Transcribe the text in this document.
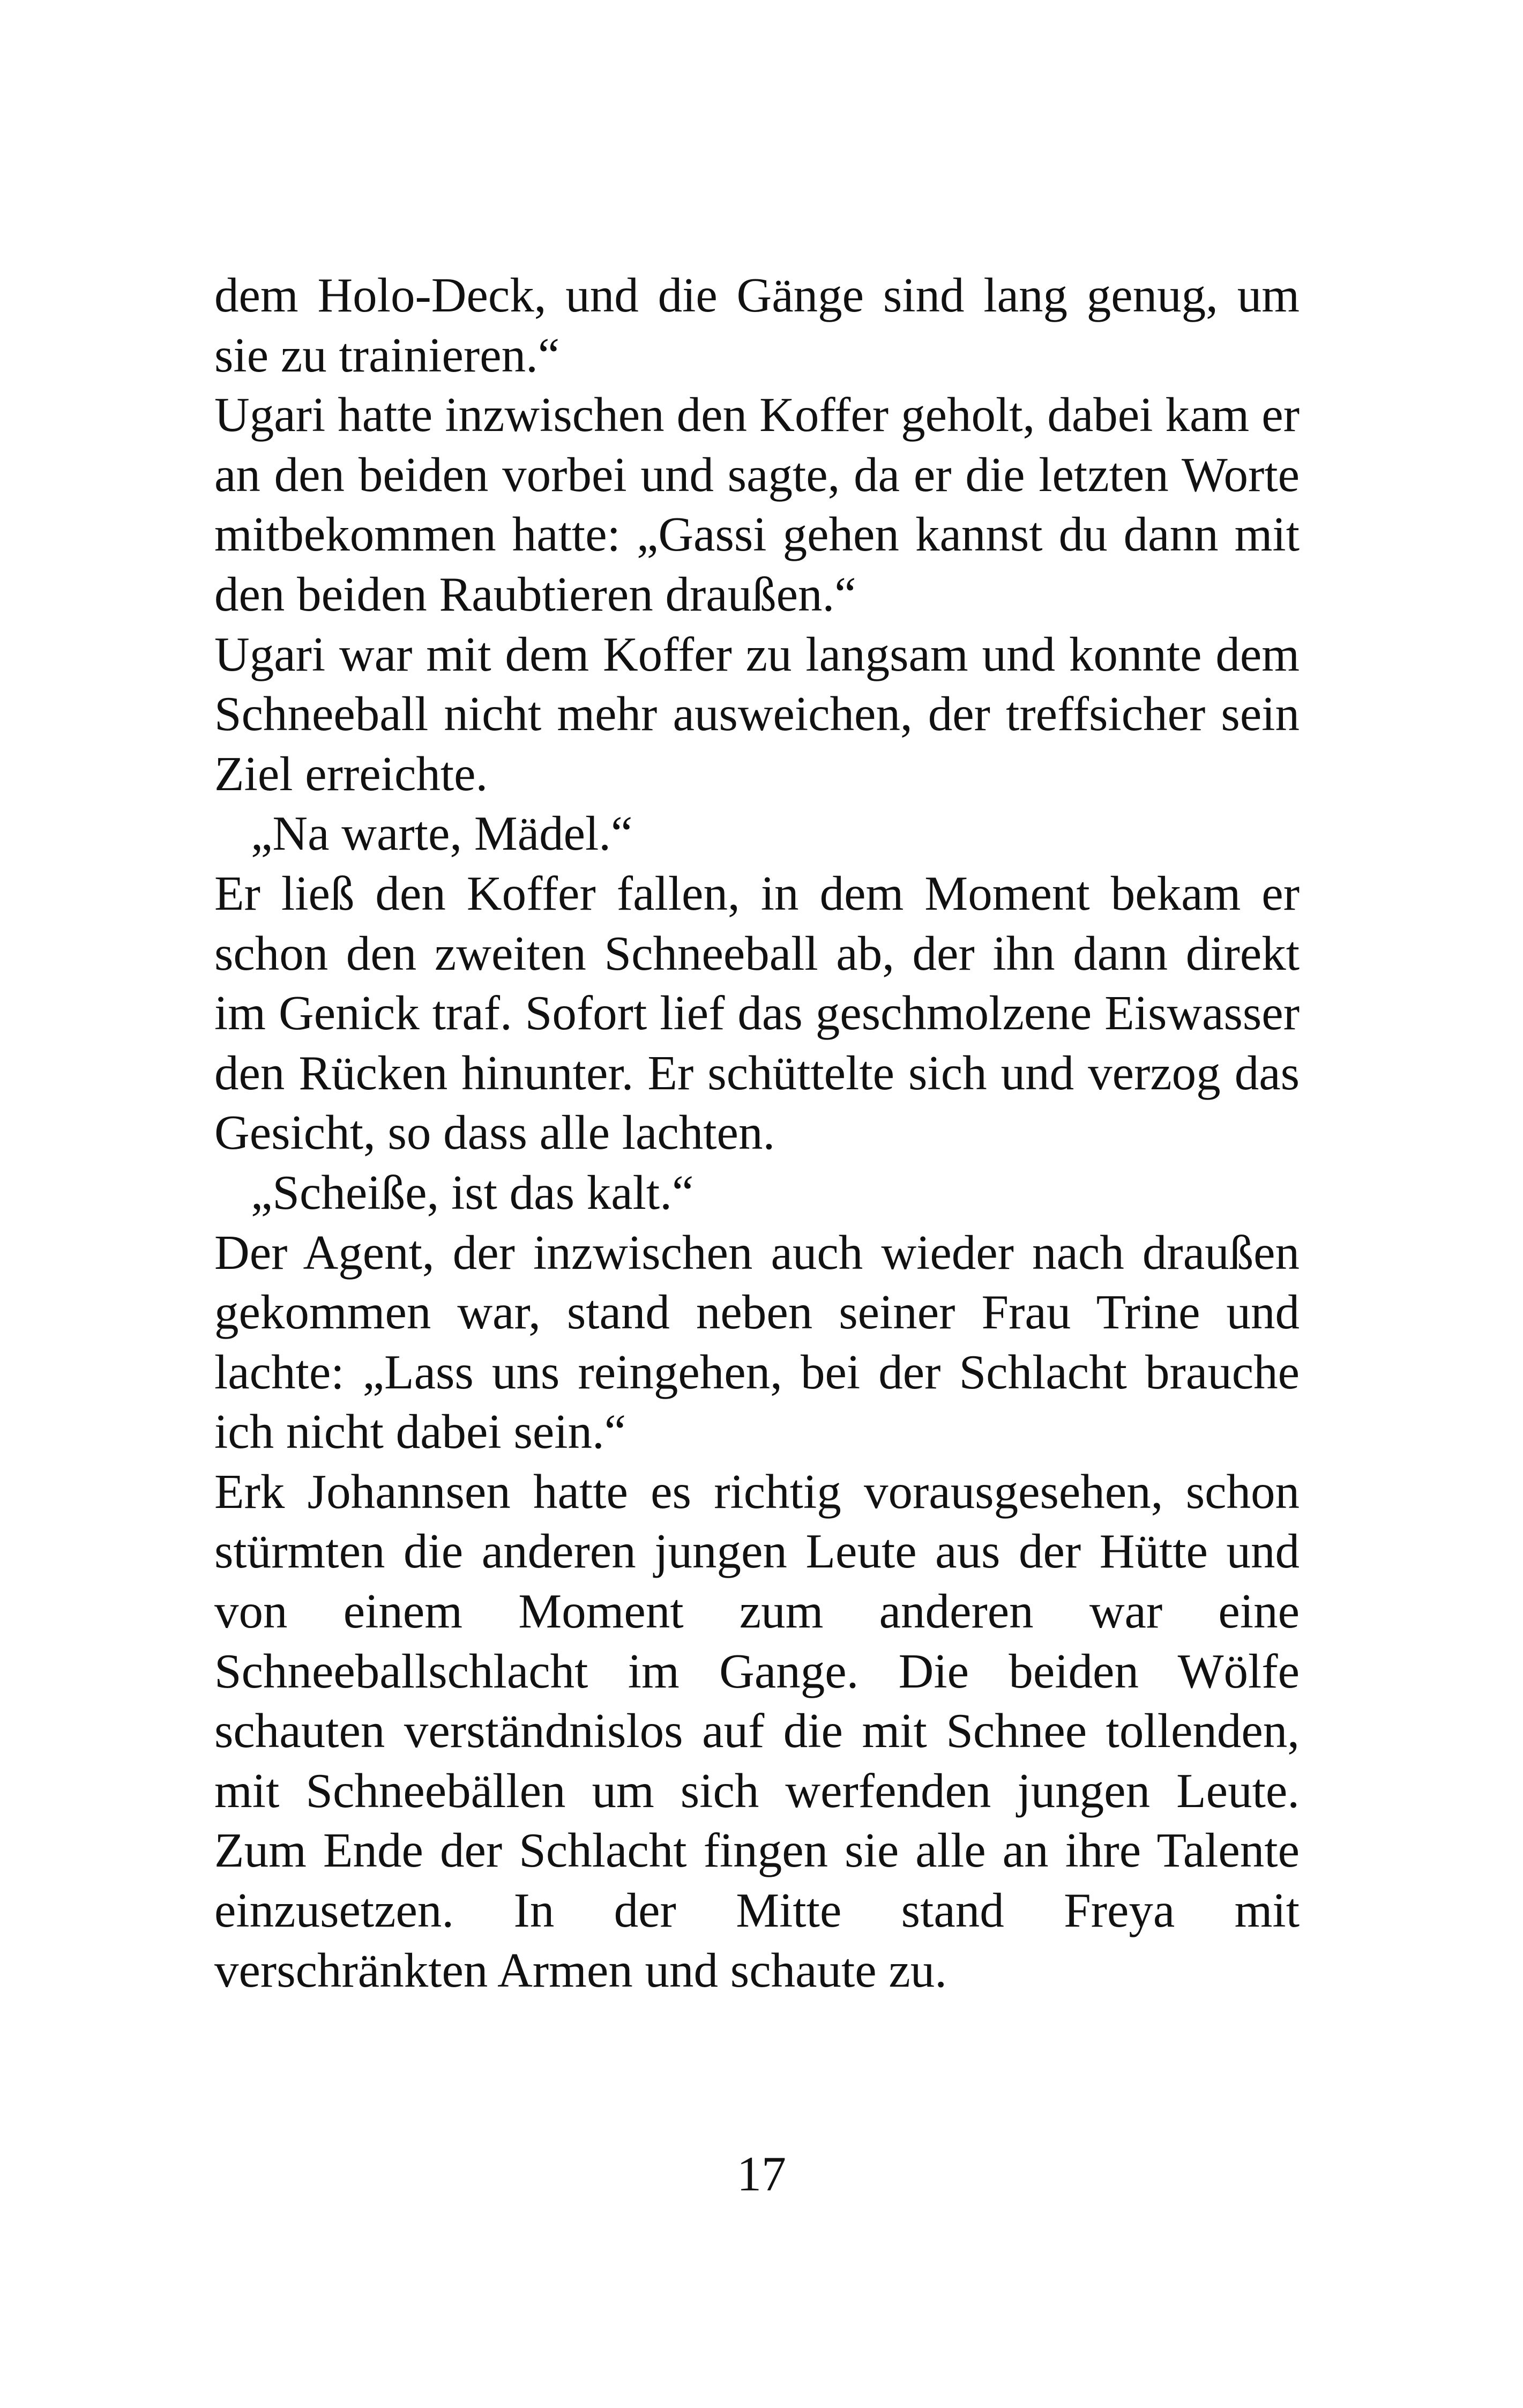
dem Holo-Deck, und die Gänge sind lang genug, um sie zu trainieren.“

Ugari hatte inzwischen den Koffer geholt, dabei kam er an den beiden vorbei und sagte, da er die letzten Worte mitbekommen hatte: „Gassi gehen kannst du dann mit den beiden Raubtieren draußen.“

Ugari war mit dem Koffer zu langsam und konnte dem Schneeball nicht mehr ausweichen, der treffsicher sein Ziel erreichte.

„Na warte, Mädel.“

Er ließ den Koffer fallen, in dem Moment bekam er schon den zweiten Schneeball ab, der ihn dann direkt im Genick traf. Sofort lief das geschmolzene Eiswasser den Rücken hinunter. Er schüttelte sich und verzog das Gesicht, so dass alle lachten.

„Scheiße, ist das kalt.“

Der Agent, der inzwischen auch wieder nach draußen gekommen war, stand neben seiner Frau Trine und lachte: „Lass uns reingehen, bei der Schlacht brauche ich nicht dabei sein.“

Erk Johannsen hatte es richtig vorausgesehen, schon stürmten die anderen jungen Leute aus der Hütte und von einem Moment zum anderen war eine Schneeballschlacht im Gange. Die beiden Wölfe schauten verständnislos auf die mit Schnee tollenden, mit Schneebällen um sich werfenden jungen Leute. Zum Ende der Schlacht fingen sie alle an ihre Talente einzusetzen. In der Mitte stand Freya mit verschränkten Armen und schaute zu.

17
